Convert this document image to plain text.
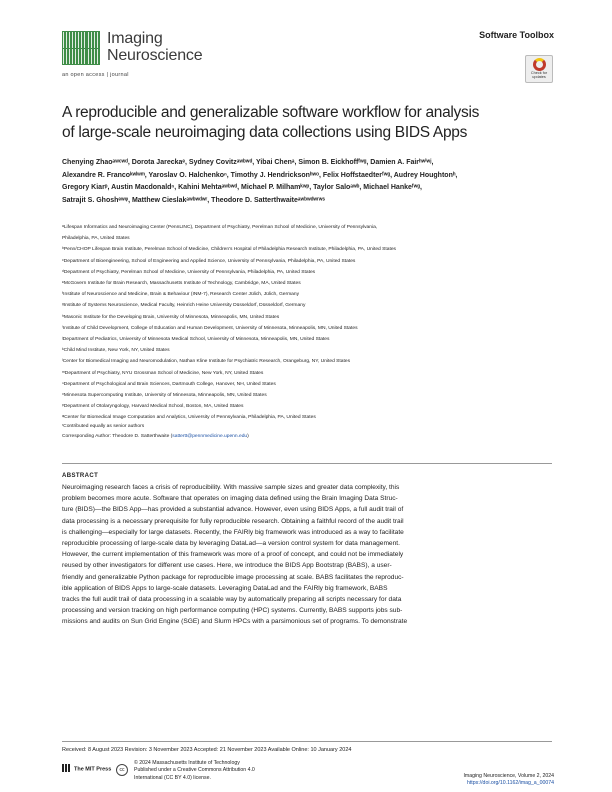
Imaging
Neuroscience
an open access | journal
Software Toolbox
Check for updates
A reproducible and generalizable software workflow for analysis
of large-scale neuroimaging data collections using BIDS Apps
Chenying Zhaoᵃʷᶜʷᵈ, Dorota Jareckaᵉ, Sydney Covitzᵃʷᵇʷᵈ, Yibai Chenᵃ, Simon B. Eickhoffᶠʷᵍ, Damien A. Fairʰʷⁱʷʲ,
Alexandre R. Francoᵏʷˡʷᵐ, Yaroslav O. Halchenkoⁿ, Timothy J. Hendricksonʰʷᵒ, Felix Hoffstaedterᶠʷᵍ, Audrey Houghtonʰ,
Gregory Kiarᵖ, Austin Macdonaldⁿ, Kahini Mehtaᵃʷᵇʷᵈ, Michael P. Milhamᵏʷᵖ, Taylor Saloᵃʷᵇ, Michael Hankeᶠʷᵍ,
Satrajit S. Ghoshᵉʷᵠ, Matthew Cieslakᵃʷᵇʷᵈʷʳ, Theodore D. Satterthwaiteᵃʷᵇʷᵈʷʳʷˢ
ᵃLifespan Informatics and Neuroimaging Center (PennLINC), Department of Psychiatry, Perelman School of Medicine, University of Pennsylvania,
Philadelphia, PA, United States
ᵇPenn/CHOP Lifespan Brain Institute, Perelman School of Medicine, Children's Hospital of Philadelphia Research Institute, Philadelphia, PA, United States
ᶜDepartment of Bioengineering, School of Engineering and Applied Science, University of Pennsylvania, Philadelphia, PA, United States
ᵈDepartment of Psychiatry, Perelman School of Medicine, University of Pennsylvania, Philadelphia, PA, United States
ᵉMcGovern Institute for Brain Research, Massachusetts Institute of Technology, Cambridge, MA, United States
ᶠInstitute of Neuroscience and Medicine, Brain & Behaviour (INM-7), Research Center Jülich, Jülich, Germany
ᵍInstitute of Systems Neuroscience, Medical Faculty, Heinrich Heine University Düsseldorf, Düsseldorf, Germany
ʰMasonic Institute for the Developing Brain, University of Minnesota, Minneapolis, MN, United States
ⁱInstitute of Child Development, College of Education and Human Development, University of Minnesota, Minneapolis, MN, United States
ʲDepartment of Pediatrics, University of Minnesota Medical School, University of Minnesota, Minneapolis, MN, United States
ᵏChild Mind Institute, New York, NY, United States
ˡCenter for Biomedical Imaging and Neuromodulation, Nathan Kline Institute for Psychiatric Research, Orangeburg, NY, United States
ᵐDepartment of Psychiatry, NYU Grossman School of Medicine, New York, NY, United States
ⁿDepartment of Psychological and Brain Sciences, Dartmouth College, Hanover, NH, United States
ᵒMinnesota Supercomputing Institute, University of Minnesota, Minneapolis, MN, United States
ᵖDepartment of Otolaryngology, Harvard Medical School, Boston, MA, United States
ᵠCenter for Biomedical Image Computation and Analytics, University of Pennsylvania, Philadelphia, PA, United States
ʳContributed equally as senior authors
Corresponding Author: Theodore D. Satterthwaite (sattertt@pennmedicine.upenn.edu)
ABSTRACT
Neuroimaging research faces a crisis of reproducibility. With massive sample sizes and greater data complexity, this
problem becomes more acute. Software that operates on imaging data defined using the Brain Imaging Data Struc-
ture (BIDS)—the BIDS App—has provided a substantial advance. However, even using BIDS Apps, a full audit trail of
data processing is a necessary prerequisite for fully reproducible research. Obtaining a faithful record of the audit trail
is challenging—especially for large datasets. Recently, the FAIRly big framework was introduced as a way to facilitate
reproducible processing of large-scale data by leveraging DataLad—a version control system for data management.
However, the current implementation of this framework was more of a proof of concept, and could not be immediately
reused by other investigators for different use cases. Here, we introduce the BIDS App Bootstrap (BABS), a user-
friendly and generalizable Python package for reproducible image processing at scale. BABS facilitates the reproduc-
ible application of BIDS Apps to large-scale datasets. Leveraging DataLad and the FAIRly big framework, BABS
tracks the full audit trail of data processing in a scalable way by automatically preparing all scripts necessary for data
processing and version tracking on high performance computing (HPC) systems. Currently, BABS supports jobs sub-
missions and audits on Sun Grid Engine (SGE) and Slurm HPCs with a parsimonious set of programs. To demonstrate
Received: 8 August 2023 Revision: 3 November 2023 Accepted: 21 November 2023 Available Online: 10 January 2024
The MIT Press	cc
© 2024 Massachusetts Institute of Technology
Published under a Creative Commons Attribution 4.0
International (CC BY 4.0) license.	Imaging Neuroscience, Volume 2, 2024
https://doi.org/10.1162/imag_a_00074
